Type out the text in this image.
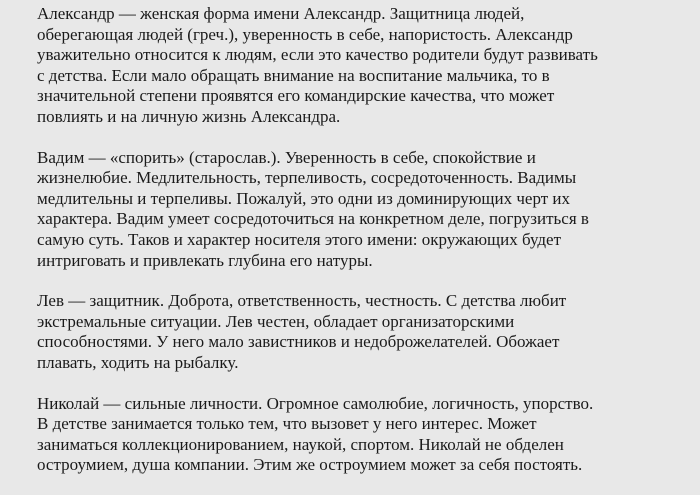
Александр — женская форма имени Александр. Защитница людей,
оберегающая людей (греч.), уверенность в себе, напористость. Александр
уважительно относится к людям, если это качество родители будут развивать
с детства. Если мало обращать внимание на воспитание мальчика, то в
значительной степени проявятся его командирские качества, что может
повлиять и на личную жизнь Александра.

Вадим — «спорить» (старослав.). Уверенность в себе, спокойствие и
жизнелюбие. Медлительность, терпеливость, сосредоточенность. Вадимы
медлительны и терпеливы. Пожалуй, это одни из доминирующих черт их
характера. Вадим умеет сосредоточиться на конкретном деле, погрузиться в
самую суть. Таков и характер носителя этого имени: окружающих будет
интриговать и привлекать глубина его натуры.

Лев — защитник. Доброта, ответственность, честность. С детства любит
экстремальные ситуации. Лев честен, обладает организаторскими
способностями. У него мало завистников и недоброжелателей. Обожает
плавать, ходить на рыбалку.

Николай — сильные личности. Огромное самолюбие, логичность, упорство.
В детстве занимается только тем, что вызовет у него интерес. Может
заниматься коллекционированием, наукой, спортом. Николай не обделен
остроумием, душа компании. Этим же остроумием может за себя постоять.
